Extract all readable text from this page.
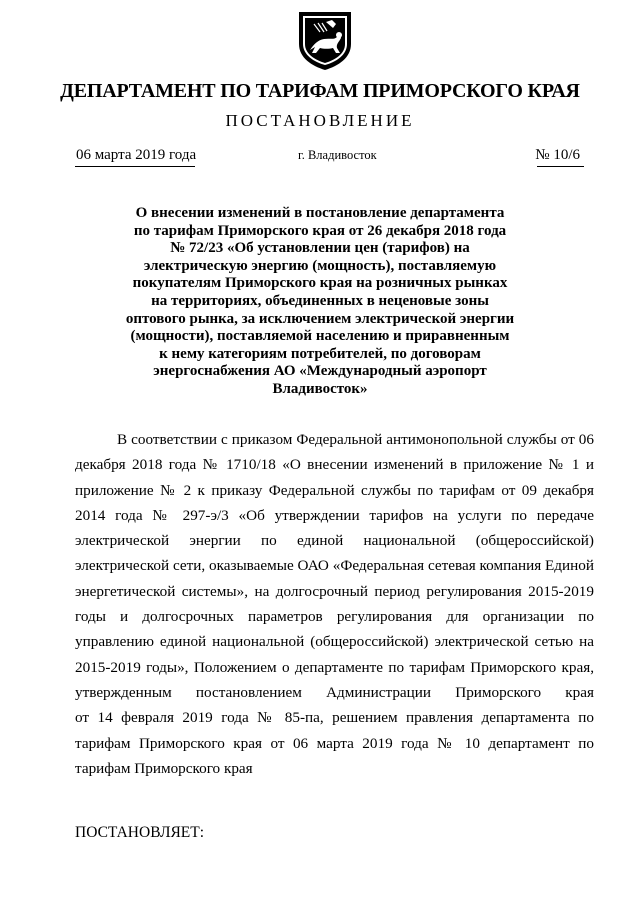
ДЕПАРТАМЕНТ ПО ТАРИФАМ ПРИМОРСКОГО КРАЯ
ПОСТАНОВЛЕНИЕ
06 марта 2019 года	г. Владивосток	№ 10/6
О внесении изменений в постановление департамента
по тарифам Приморского края от 26 декабря 2018 года
№ 72/23 «Об установлении цен (тарифов) на
электрическую энергию (мощность), поставляемую
покупателям Приморского края на розничных рынках
на территориях, объединенных в неценовые зоны
оптового рынка, за исключением электрической энергии
(мощности), поставляемой населению и приравненным
к нему категориям потребителей, по договорам
энергоснабжения АО «Международный аэропорт
Владивосток»
В соответствии с приказом Федеральной антимонопольной службы от 06
декабря 2018 года № 1710/18 «О внесении изменений в приложение № 1 и
приложение № 2 к приказу Федеральной службы по тарифам от 09 декабря
2014 года № 297-э/3 «Об утверждении тарифов на услуги по передаче
электрической энергии по единой национальной (общероссийской)
электрической сети, оказываемые ОАО «Федеральная сетевая компания Единой
энергетической системы», на долгосрочный период регулирования 2015-2019
годы и долгосрочных параметров регулирования для организации по
управлению единой национальной (общероссийской) электрической сетью на
2015-2019 годы», Положением о департаменте по тарифам Приморского края,
утвержденным постановлением Администрации Приморского края
от 14 февраля 2019 года № 85-па, решением правления департамента по
тарифам Приморского края от 06 марта 2019 года № 10 департамент по
тарифам Приморского края
ПОСТАНОВЛЯЕТ:
